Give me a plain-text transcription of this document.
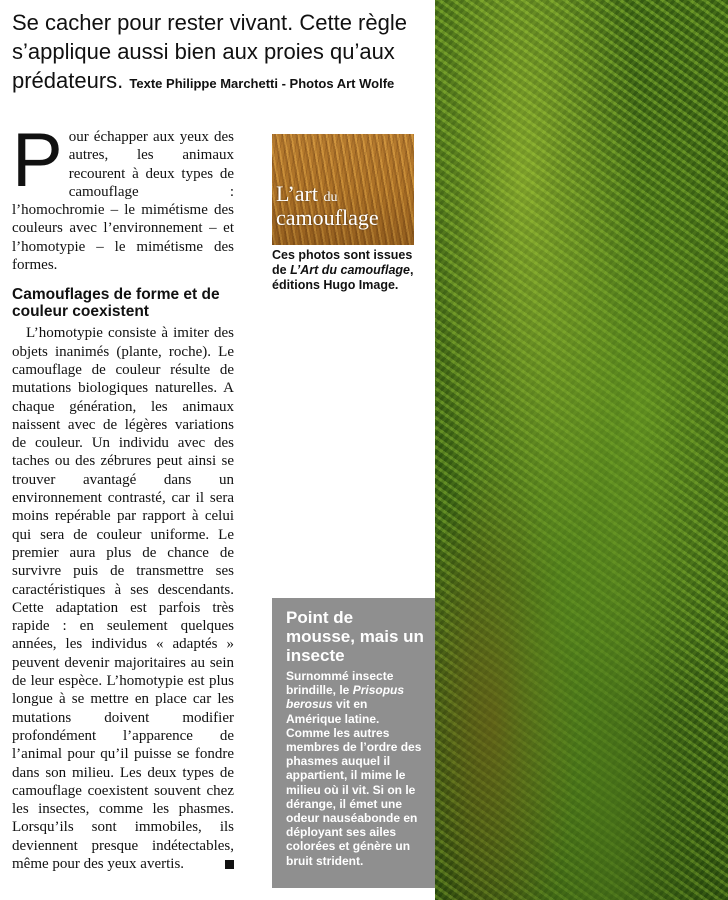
Se cacher pour rester vivant. Cette règle s’applique aussi bien aux proies qu’aux prédateurs. Texte Philippe Marchetti - Photos Art Wolfe

Pour échapper aux yeux des autres, les animaux recourent à deux types de camouflage : l’homochromie – le mimétisme des couleurs avec l’environnement – et l’homotypie – le mimétisme des formes.

Camouflages de forme et de couleur coexistent

L’homotypie consiste à imiter des objets inanimés (plante, roche). Le camouflage de couleur résulte de mutations biologiques naturelles. A chaque génération, les animaux naissent avec de légères variations de couleur. Un individu avec des taches ou des zébrures peut ainsi se trouver avantagé dans un environnement contrasté, car il sera moins repérable par rapport à celui qui sera de couleur uniforme. Le premier aura plus de chance de survivre puis de transmettre ses caractéristiques à ses descendants. Cette adaptation est parfois très rapide : en seulement quelques années, les individus « adaptés » peuvent devenir majoritaires au sein de leur espèce. L’homotypie est plus longue à se mettre en place car les mutations doivent modifier profondément l’apparence de l’animal pour qu’il puisse se fondre dans son milieu. Les deux types de camouflage coexistent souvent chez les insectes, comme les phasmes. Lorsqu’ils sont immobiles, ils deviennent presque indétectables, même pour des yeux avertis.

L’art du
camouflage
Ces photos sont issues de L’Art du camouflage, éditions Hugo Image.
Point de mousse, mais un insecte

Surnommé insecte brindille, le Prisopus berosus vit en Amérique latine. Comme les autres membres de l’ordre des phasmes auquel il appartient, il mime le milieu où il vit. Si on le dérange, il émet une odeur nauséabonde en déployant ses ailes colorées et génère un bruit strident.
